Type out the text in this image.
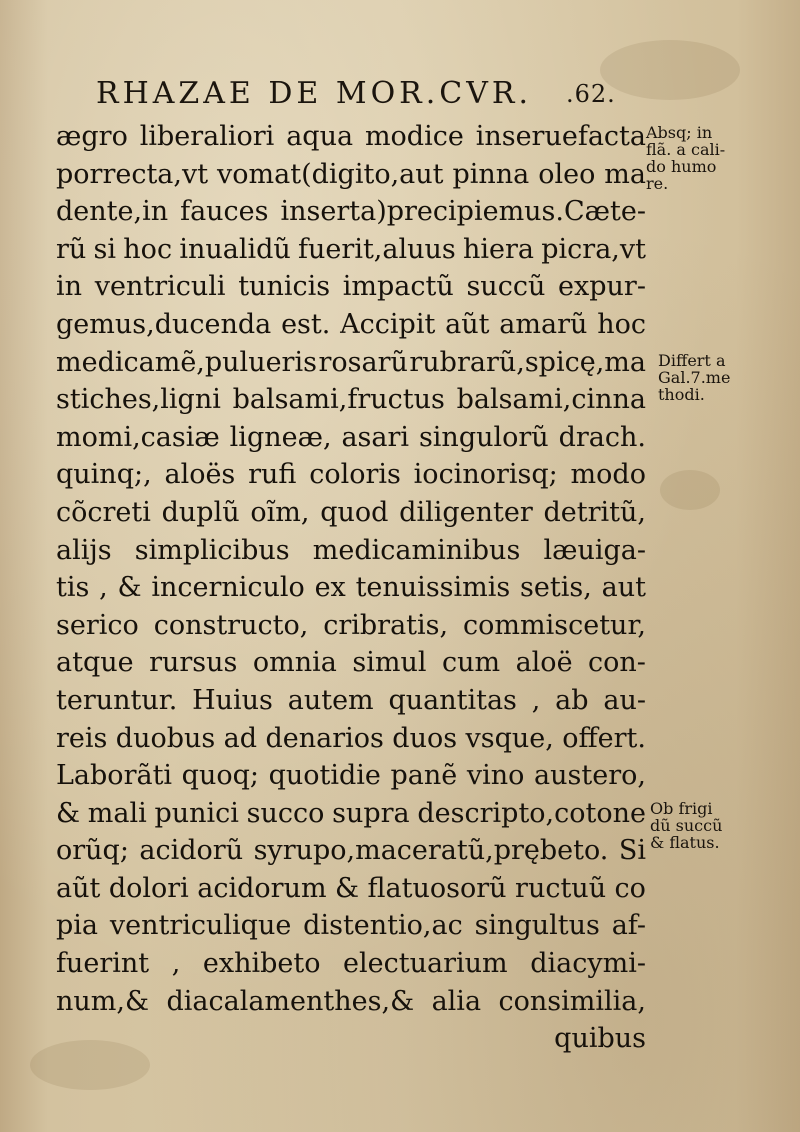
RHAZAE DE MOR.CVR. .62.
ægro liberaliori aqua modice inseruefacta
porrecta,vt vomat(digito,aut pinna oleo ma
dente,in fauces inserta)precipiemus.Cæte-
rũ si hoc inualidũ fuerit,aluus hiera picra,vt
in ventriculi tunicis impactũ succũ expur-
gemus,ducenda est. Accipit aũt amarũ hoc
medicamẽ,pulueris rosarũ rubrarũ,spicę,ma
stiches,ligni balsami,fructus balsami,cinna
momi,casiæ ligneæ, asari singulorũ drach.
quinq;, aloës rufi coloris iocinorisq; modo
cõcreti duplũ oĩm, quod diligenter detritũ,
alijs simplicibus medicaminibus læuiga-
tis , & incerniculo ex tenuissimis setis, aut
serico constructo, cribratis, commiscetur,
atque rursus omnia simul cum aloë con-
teruntur. Huius autem quantitas , ab au-
reis duobus ad denarios duos vsque, offert.
Laborãti quoq; quotidie panẽ vino austero,
& mali punici succo supra descripto,cotone
orũq; acidorũ syrupo,maceratũ,prębeto. Si
aũt dolori acidorum & flatuosorũ ructuũ co
pia ventriculique distentio,ac singultus af-
fuerint , exhibeto electuarium diacymi-
num,& diacalamenthes,& alia consimilia,
quibus
Absq; in
flã. a cali-
do humo
re.
Differt a
Gal.7.me
thodi.
Ob frigi
dũ succũ
& flatus.
